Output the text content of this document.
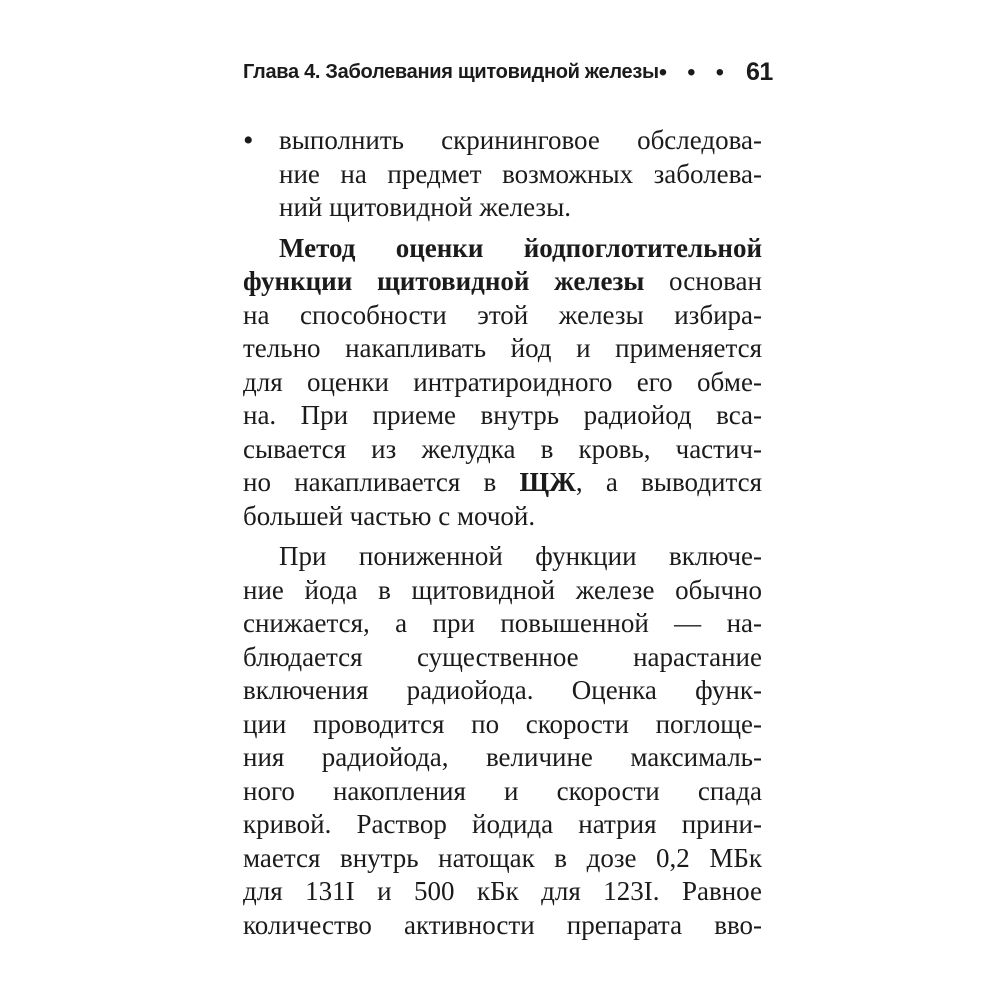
Глава 4. Заболевания щитовидной железы • • • 61
• выполнить скрининговое обследова-
ние на предмет возможных заболева-
ний щитовидной железы.
Метод оценки йодпоглотительной
функции щитовидной железы основан
на способности этой железы избира-
тельно накапливать йод и применяется
для оценки интратироидного его обме-
на. При приеме внутрь радиойод вса-
сывается из желудка в кровь, частич-
но накапливается в ЩЖ, а выводится
большей частью с мочой.
При пониженной функции включе-
ние йода в щитовидной железе обычно
снижается, а при повышенной — на-
блюдается существенное нарастание
включения радиойода. Оценка функ-
ции проводится по скорости поглоще-
ния радиойода, величине максималь-
ного накопления и скорости спада
кривой. Раствор йодида натрия прини-
мается внутрь натощак в дозе 0,2 МБк
для 131I и 500 кБк для 123I. Равное
количество активности препарата вво-
